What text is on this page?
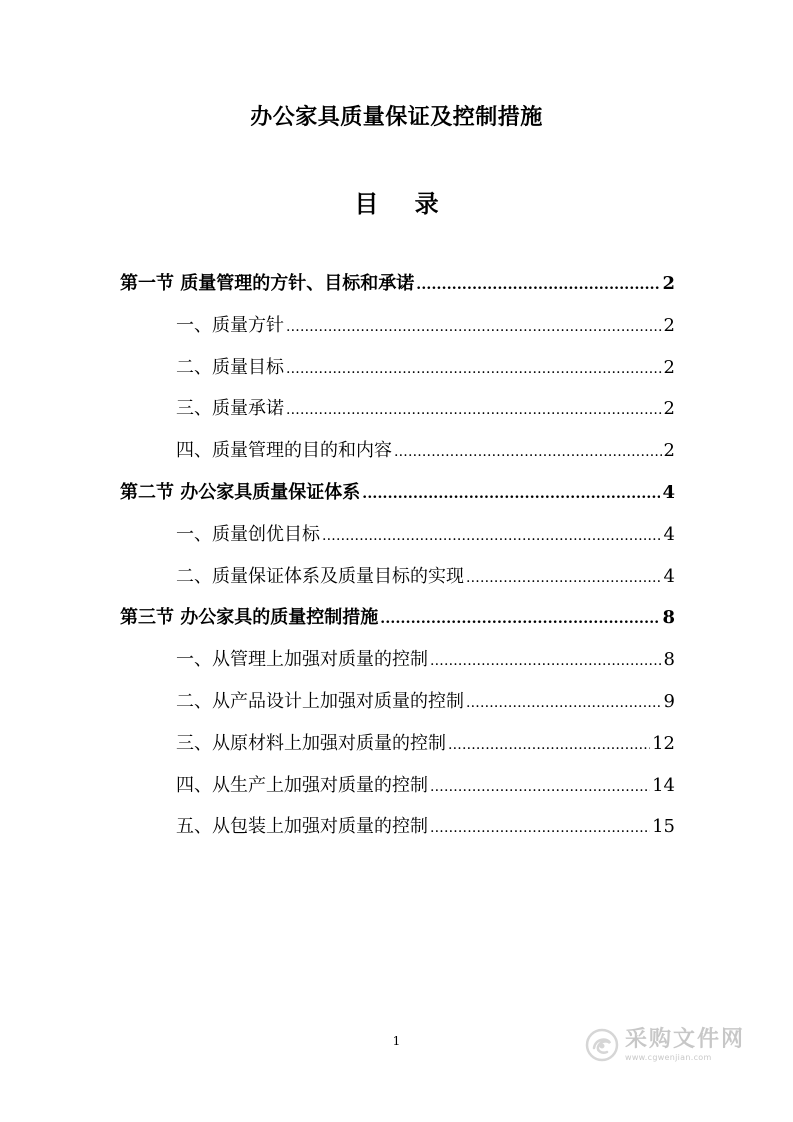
办公家具质量保证及控制措施
目 录
第一节 质量管理的方针、目标和承诺 .....	2
一、质量方针 .....	2
二、质量目标 .....	2
三、质量承诺 .....	2
四、质量管理的目的和内容 .....	2
第二节 办公家具质量保证体系 .....	4
一、质量创优目标 .....	4
二、质量保证体系及质量目标的实现 .....	4
第三节 办公家具的质量控制措施 .....	8
一、从管理上加强对质量的控制 .....	8
二、从产品设计上加强对质量的控制 .....	9
三、从原材料上加强对质量的控制 .....	12
四、从生产上加强对质量的控制 .....	14
五、从包装上加强对质量的控制 .....	15
1	采购文件网
www.cgwenjian.com
